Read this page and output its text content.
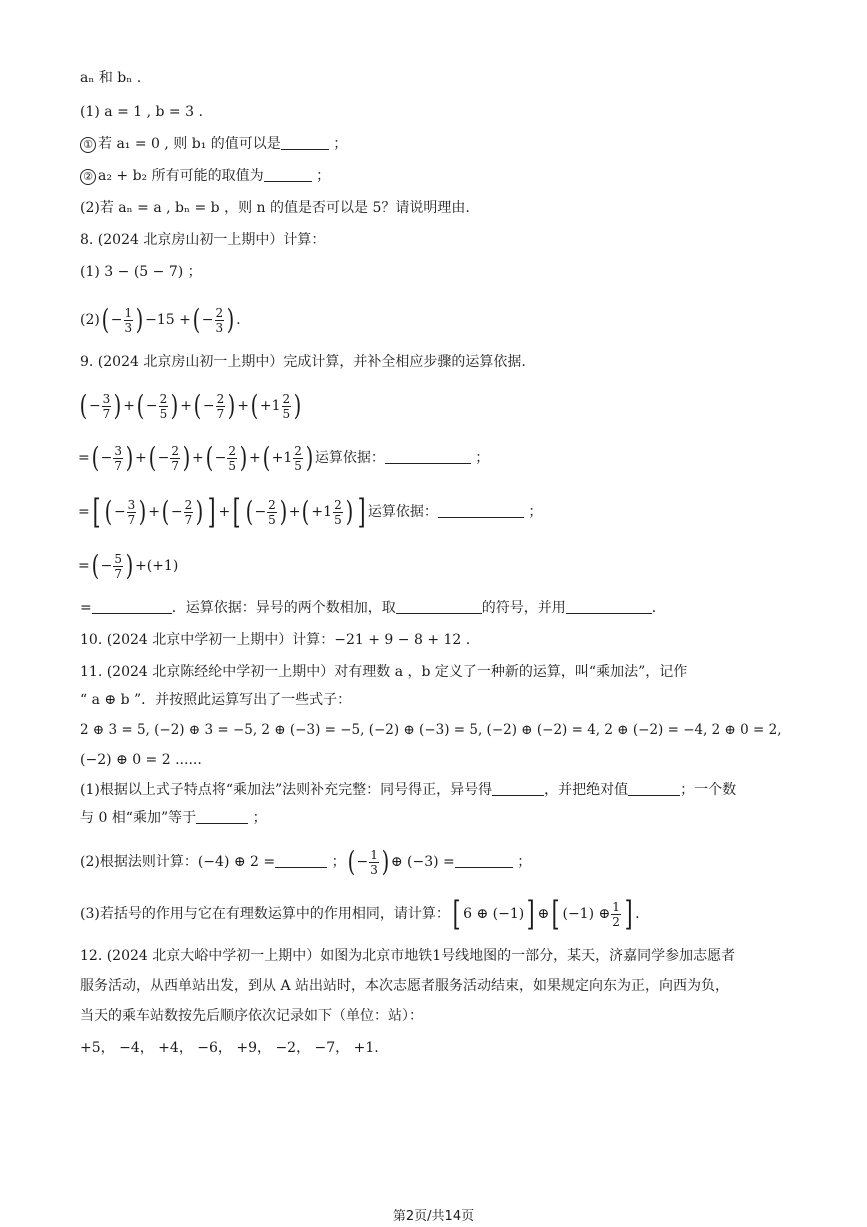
aₙ 和 bₙ .
(1) a = 1 , b = 3 .
① 若 a₁ = 0 , 则 b₁ 的值可以是	；
② a₂ + b₂ 所有可能的取值为	；
(2)若 aₙ = a , bₙ = b ，则 n 的值是否可以是 5？请说明理由.
8. (2024 北京房山初一上期中）计算：
(1) 3 − (5 − 7) ；
$(2)( - \frac{1}{3}$ ) −15 +( − $\frac{2}{3}$ ) .
9. (2024 北京房山初一上期中）完成计算，并补全相应步骤的运算依据.
( − $\frac{3}{7}$ ) +( − $\frac{2}{5}$ ) +( − $\frac{2}{7}$ ) +( $+1 \frac{2}{5}$ )
=( − $\frac{3}{7}$ ) +( − $\frac{2}{7}$ ) +( − $\frac{2}{5}$ ) +( $+1 \frac{2}{5}$ ) 运算依据：	；
=[ ( − $\frac{3}{7}$ ) +( − $\frac{2}{7}$ ) ] +[ ( − $\frac{2}{5}$ ) +( $+1 \frac{2}{5}$ ) ] 运算依据：	；
=( − $\frac{5}{7}$ ) +(+1)
=	．运算依据：异号的两个数相加，取	的符号，并用	．
10. (2024 北京中学初一上期中）计算：−21 + 9 − 8 + 12 .
11. (2024 北京陈经纶中学初一上期中）对有理数 a ，b 定义了一种新的运算，叫“乘加法”，记作
“ a ⊕ b ”．并按照此运算写出了一些式子：
2 ⊕ 3 = 5, (−2) ⊕ 3 = −5, 2 ⊕ (−3) = −5, (−2) ⊕ (−3) = 5, (−2) ⊕ (−2) = 4, 2 ⊕ (−2) = −4, 2 ⊕ 0 = 2,
(−2) ⊕ 0 = 2 ......
(1)根据以上式子特点将“乘加法”法则补充完整：同号得正，异号得	，并把绝对值	；一个数
与 0 相“乘加”等于	；
(2)根据法则计算：(−4) ⊕ 2 =	；( − $\frac{1}{3}$ ) ⊕ (−3) =	；
(3)若括号的作用与它在有理数运算中的作用相同，请计算：[ 6 ⊕ (−1)] ⊕[ (−1) ⊕ $\frac{1}{2}$ ] .
12. (2024 北京大峪中学初一上期中）如图为北京市地铁1号线地图的一部分，某天，济嘉同学参加志愿者
服务活动，从西单站出发，到从 A 站出站时，本次志愿者服务活动结束，如果规定向东为正，向西为负，
当天的乘车站数按先后顺序依次记录如下（单位：站）：
+5， −4， +4， −6， +9， −2， −7， +1.
第2页/共14页
